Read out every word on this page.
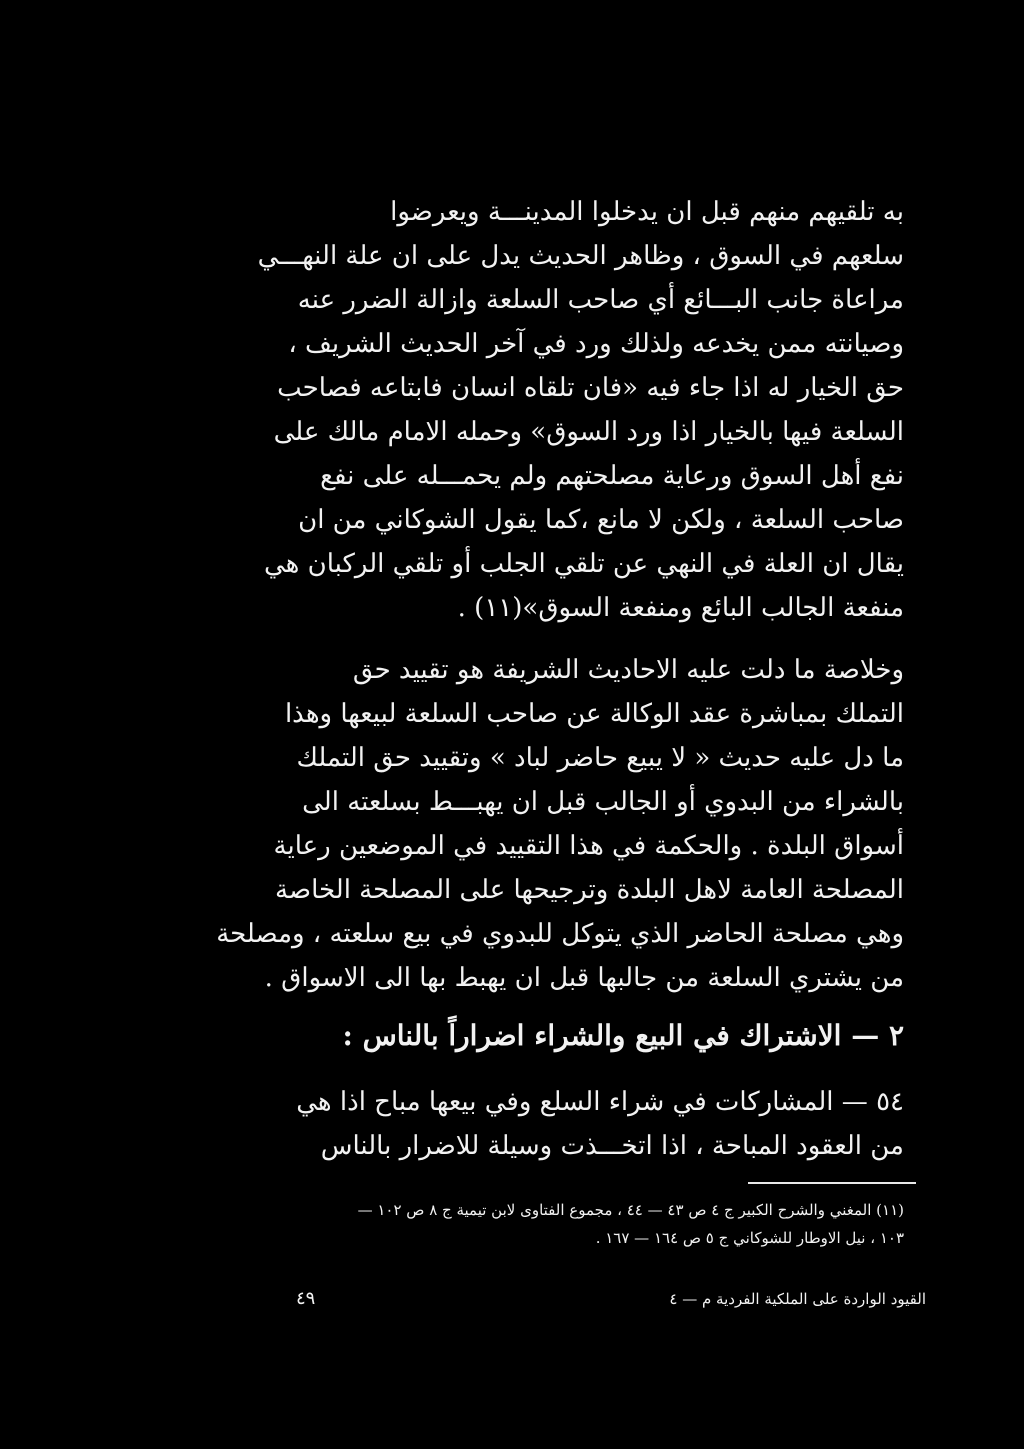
به تلقيهم منهم قبل ان يدخلوا المدينـــة ويعرضوا
سلعهم في السوق ، وظاهر الحديث يدل على ان علة النهـــي
مراعاة جانب البـــائع أي صاحب السلعة وازالة الضرر عنه
وصيانته ممن يخدعه ولذلك ورد في آخر الحديث الشريف ،
حق الخيار له اذا جاء فيه «فان تلقاه انسان فابتاعه فصاحب
السلعة فيها بالخيار اذا ورد السوق» وحمله الامام مالك على
نفع أهل السوق ورعاية مصلحتهم ولم يحمـــله على نفع
صاحب السلعة ، ولكن لا مانع ،كما يقول الشوكاني من ان
يقال ان العلة في النهي عن تلقي الجلب أو تلقي الركبان هي
منفعة الجالب البائع ومنفعة السوق»(١١) .
وخلاصة ما دلت عليه الاحاديث الشريفة هو تقييد حق
التملك بمباشرة عقد الوكالة عن صاحب السلعة لبيعها وهذا
ما دل عليه حديث « لا يبيع حاضر لباد » وتقييد حق التملك
بالشراء من البدوي أو الجالب قبل ان يهبـــط بسلعته الى
أسواق البلدة . والحكمة في هذا التقييد في الموضعين رعاية
المصلحة العامة لاهل البلدة وترجيحها على المصلحة الخاصة
وهي مصلحة الحاضر الذي يتوكل للبدوي في بيع سلعته ، ومصلحة
من يشتري السلعة من جالبها قبل ان يهبط بها الى الاسواق .
٢ — الاشتراك في البيع والشراء اضراراً بالناس :
٥٤ — المشاركات في شراء السلع وفي بيعها مباح اذا هي
من العقود المباحة ، اذا اتخـــذت وسيلة للاضرار بالناس
(١١) المغني والشرح الكبير ج ٤ ص ٤٣ — ٤٤ ، مجموع الفتاوى لابن تيمية ج ٨ ص ١٠٢ —
١٠٣ ، نيل الاوطار للشوكاني ج ٥ ص ١٦٤ — ١٦٧ .
٤٩	القيود الواردة على الملكية الفردية م — ٤
